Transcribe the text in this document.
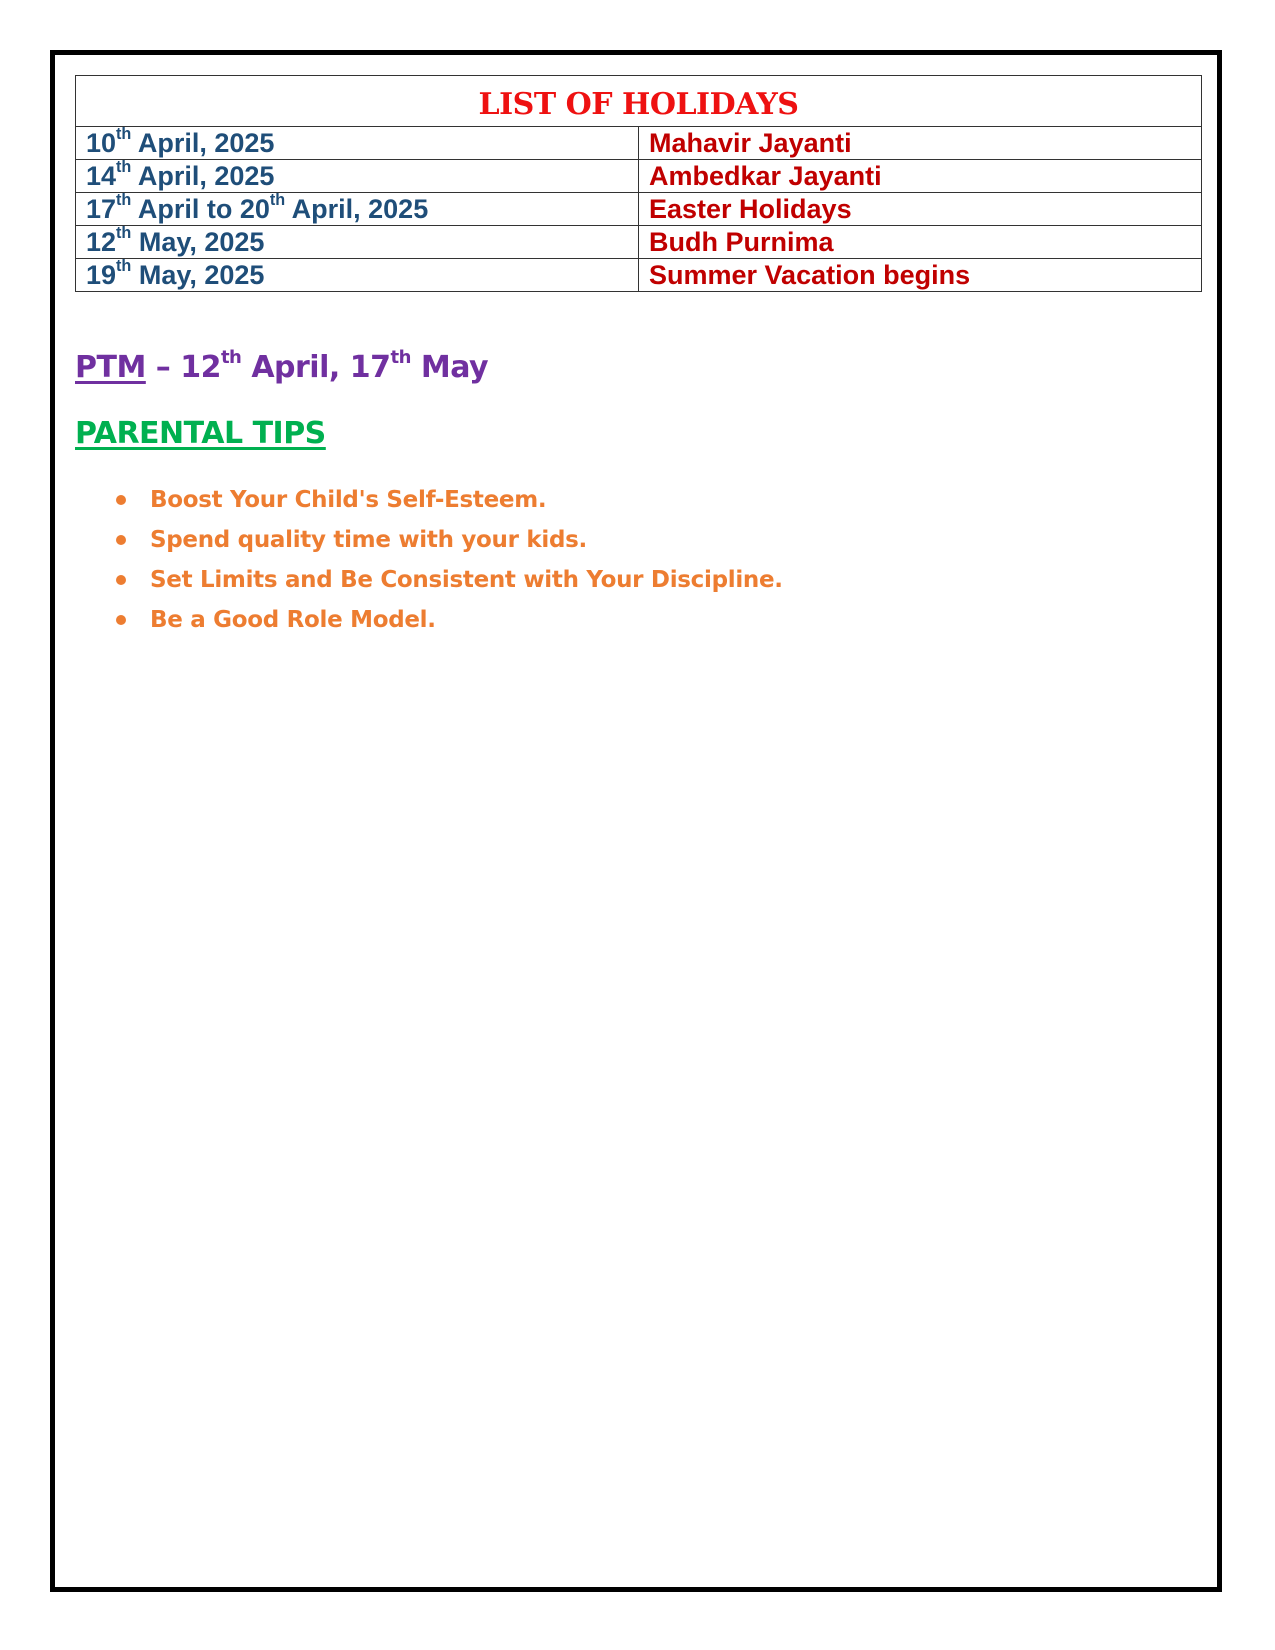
LIST OF HOLIDAYS	
10th April, 2025	Mahavir Jayanti
14th April, 2025	Ambedkar Jayanti
17th April to 20th April, 2025	Easter Holidays
12th May, 2025	Budh Purnima
19th May, 2025	Summer Vacation begins

PTM – 12th April, 17th May

PARENTAL TIPS
Boost Your Child's Self-Esteem.
Spend quality time with your kids.
Set Limits and Be Consistent with Your Discipline.
Be a Good Role Model.
